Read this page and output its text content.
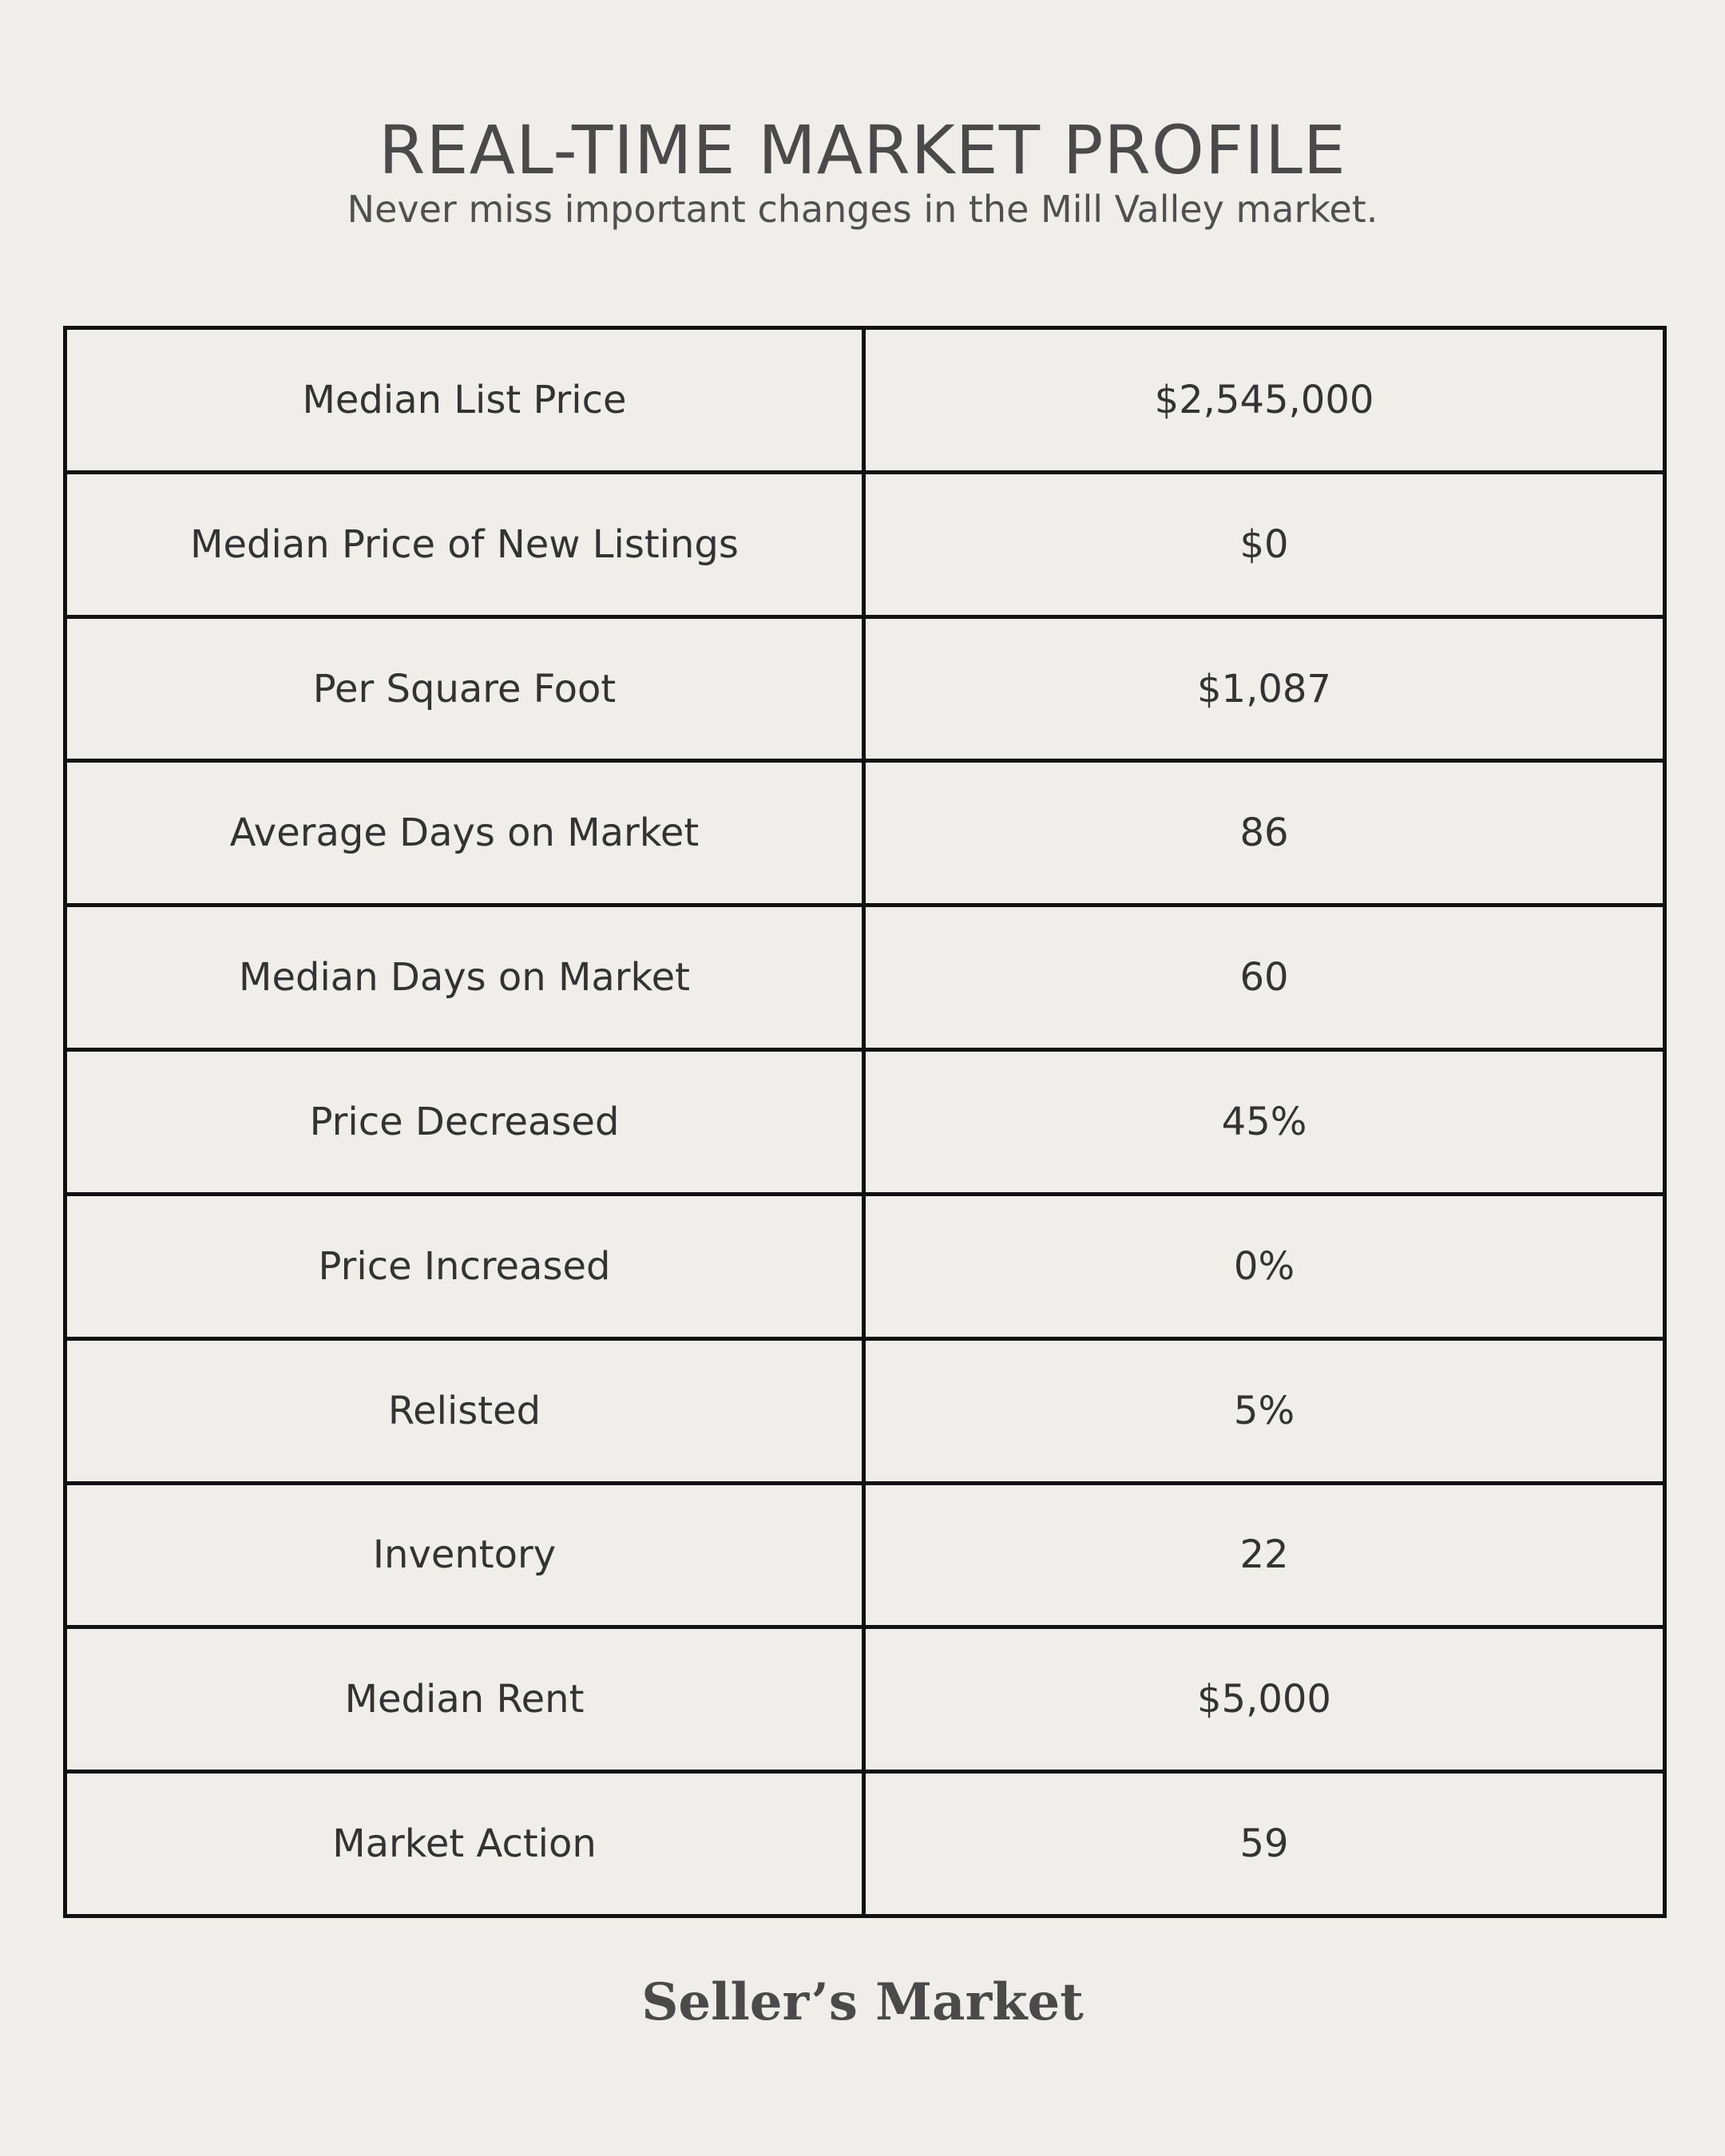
REAL-TIME MARKET PROFILE
Never miss important changes in the Mill Valley market.
Median List Price	$2,545,000
Median Price of New Listings	$0
Per Square Foot	$1,087
Average Days on Market	86
Median Days on Market	60
Price Decreased	45%
Price Increased	0%
Relisted	5%
Inventory	22
Median Rent	$5,000
Market Action	59
Seller’s Market
